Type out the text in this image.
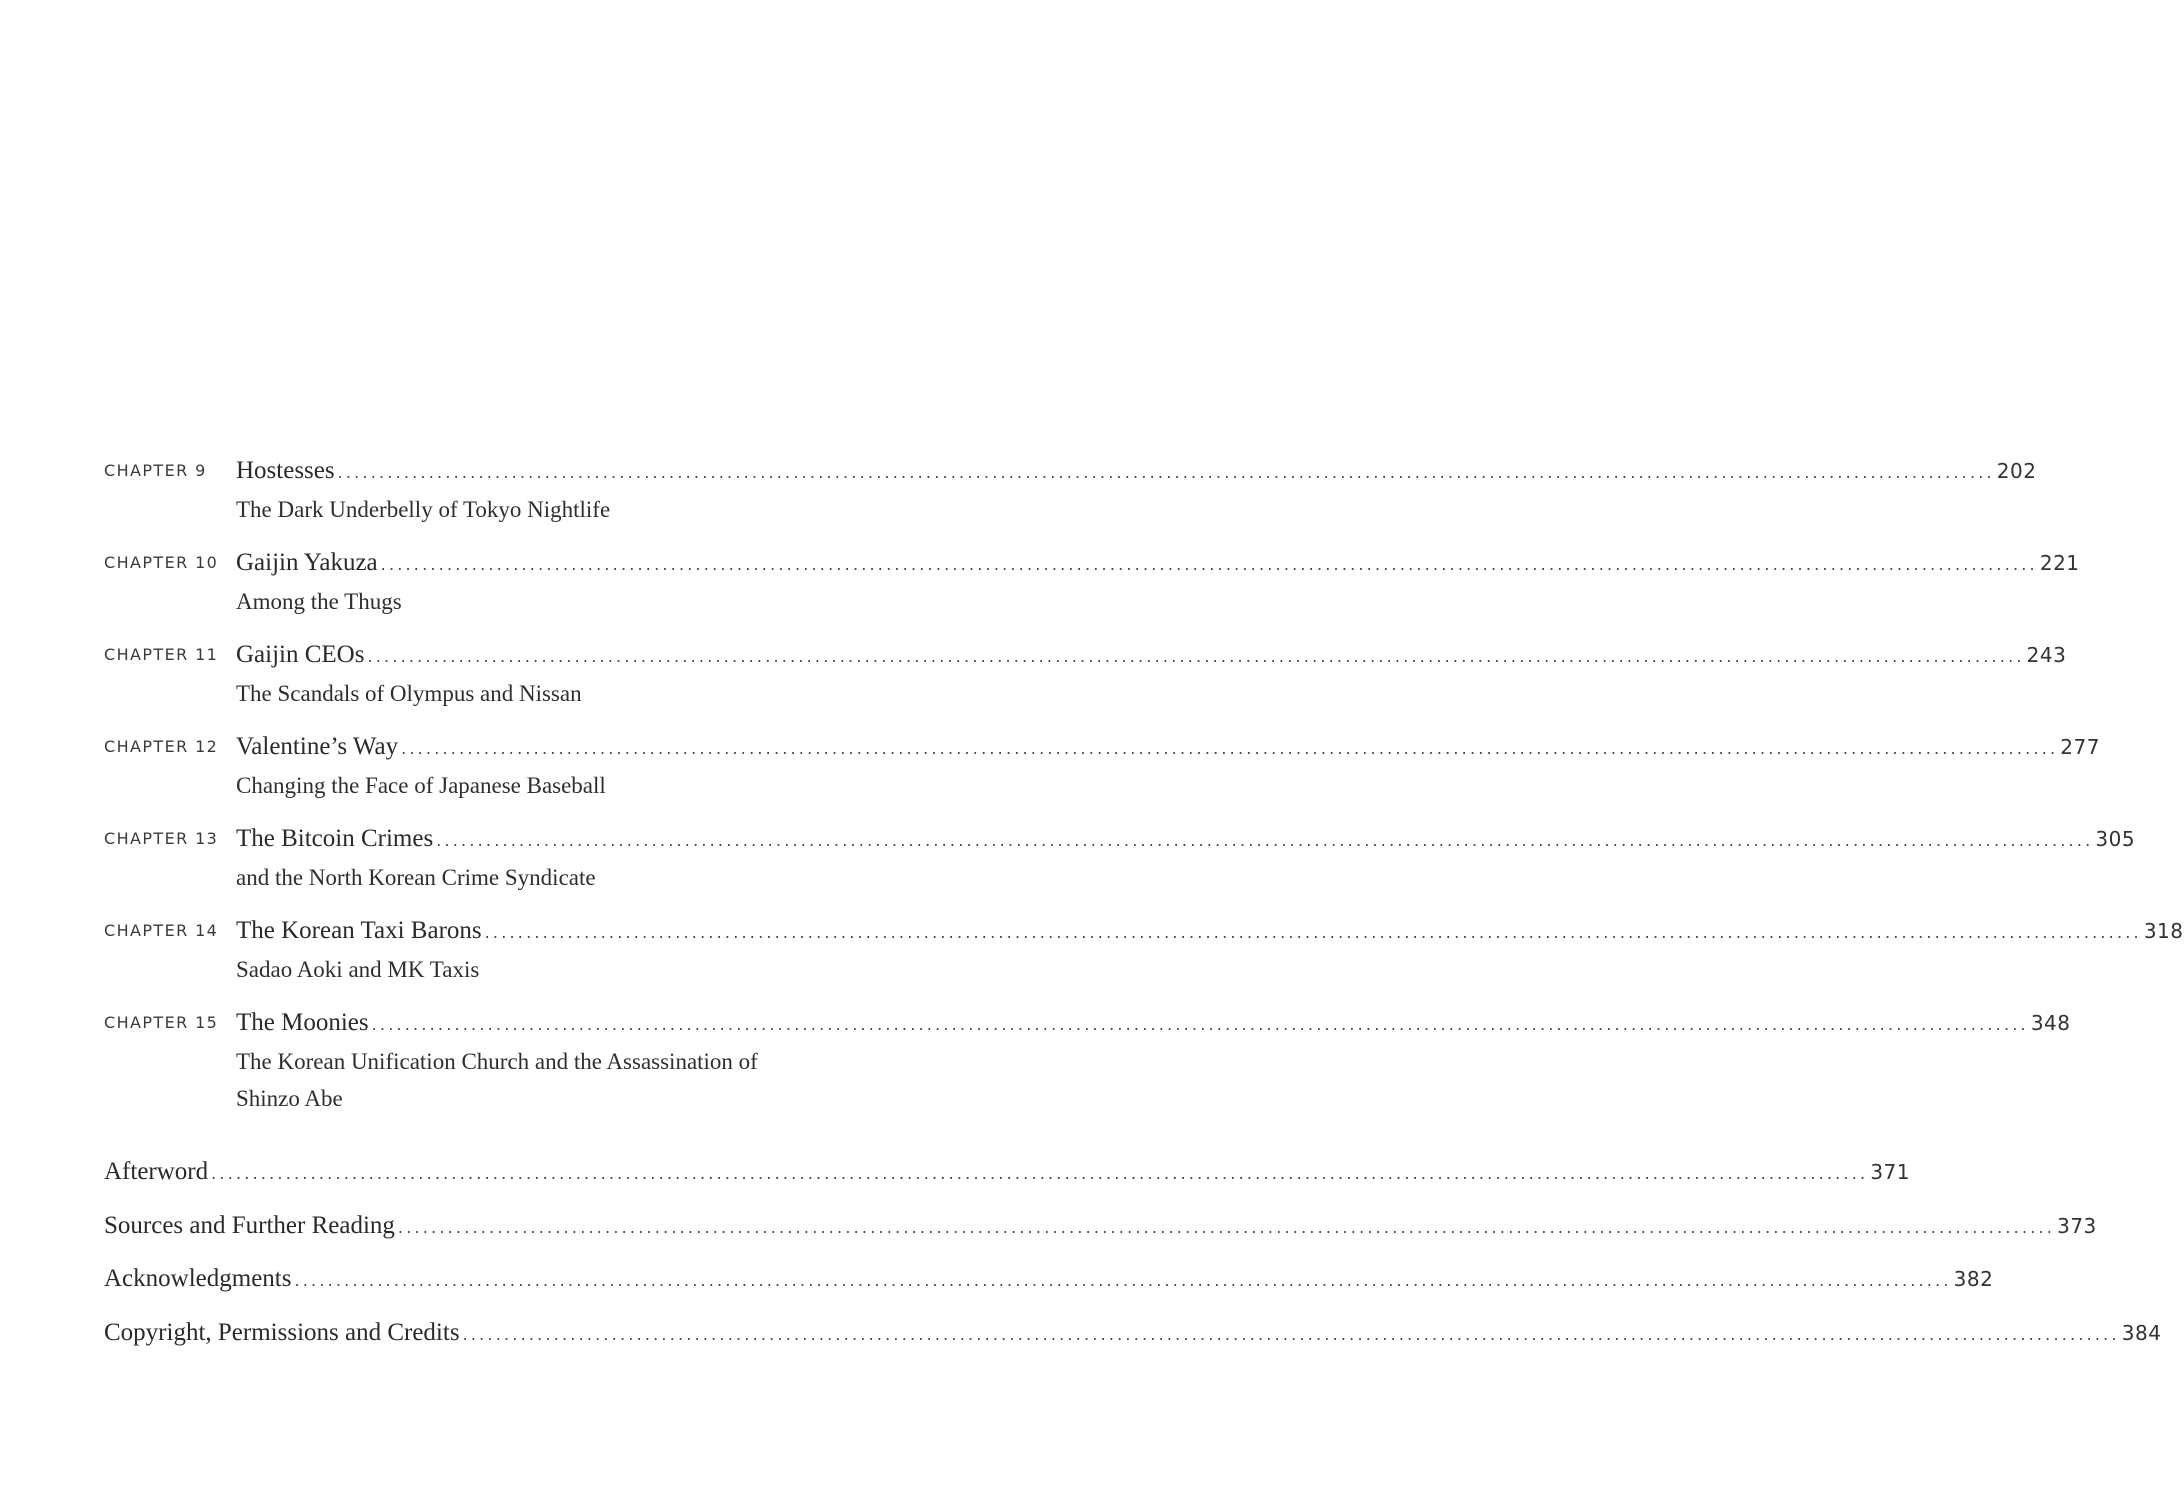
CHAPTER 9	Hostesses ........................................................................................................................................................................................................ 202
The Dark Underbelly of Tokyo Nightlife
CHAPTER 10 Gaijin Yakuza ........................................................................................................................................................................................................ 221
Among the Thugs
CHAPTER 11 Gaijin CEOs ........................................................................................................................................................................................................ 243
The Scandals of Olympus and Nissan
CHAPTER 12 Valentine’s Way ........................................................................................................................................................................................................ 277
Changing the Face of Japanese Baseball
CHAPTER 13 The Bitcoin Crimes ........................................................................................................................................................................................................ 305
and the North Korean Crime Syndicate
CHAPTER 14 The Korean Taxi Barons ........................................................................................................................................................................................................ 318
Sadao Aoki and MK Taxis
CHAPTER 15 The Moonies ........................................................................................................................................................................................................ 348
The Korean Unification Church and the Assassination of Shinzo Abe
Afterword ........................................................................................................................................................................................................ 371
Sources and Further Reading ........................................................................................................................................................................................................ 373
Acknowledgments ........................................................................................................................................................................................................ 382
Copyright, Permissions and Credits ........................................................................................................................................................................................................ 384
